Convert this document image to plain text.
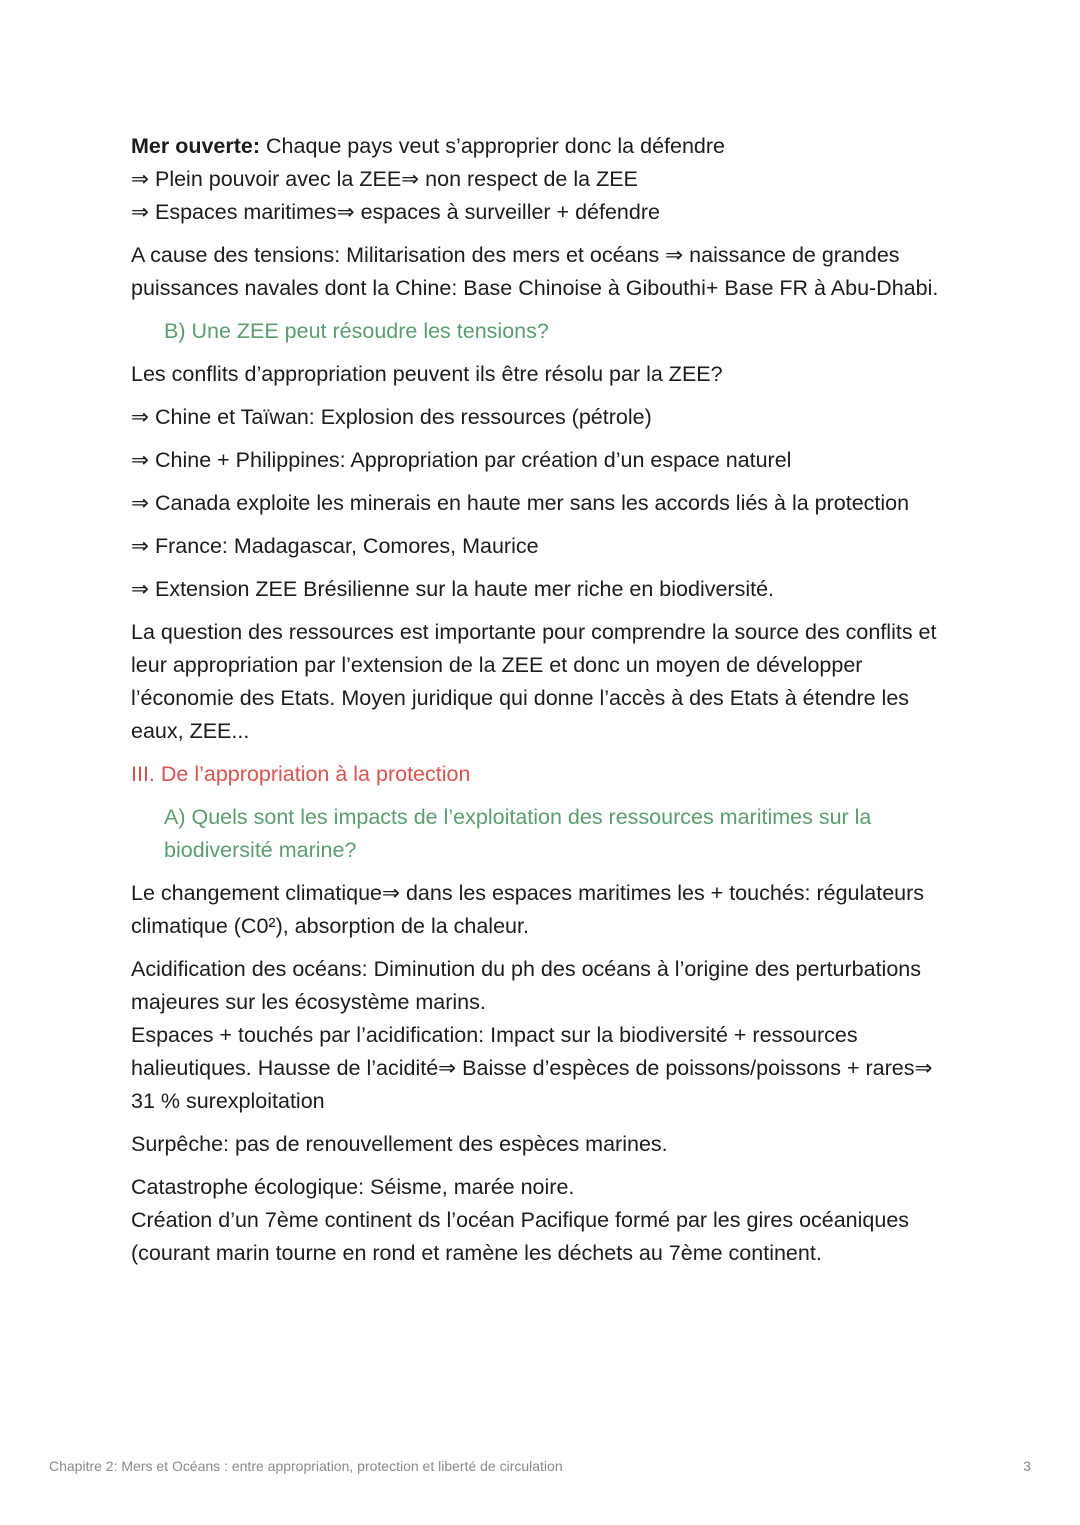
Mer ouverte: Chaque pays veut s’approprier donc la défendre
⇒ Plein pouvoir avec la ZEE⇒ non respect de la ZEE
⇒ Espaces maritimes⇒ espaces à surveiller + défendre
A cause des tensions: Militarisation des mers et océans ⇒ naissance de grandes puissances navales dont la Chine: Base Chinoise à Gibouthi+ Base FR à Abu-Dhabi.
B) Une ZEE peut résoudre les tensions?
Les conflits d’appropriation peuvent ils être résolu par la ZEE?
⇒ Chine et Taïwan: Explosion des ressources (pétrole)
⇒ Chine + Philippines: Appropriation par création d’un espace naturel
⇒ Canada exploite les minerais en haute mer sans les accords liés à la protection
⇒ France: Madagascar, Comores, Maurice
⇒ Extension ZEE Brésilienne sur la haute mer riche en biodiversité.
La question des ressources est importante pour comprendre la source des conflits et leur appropriation par l’extension de la ZEE et donc un moyen de développer l’économie des Etats. Moyen juridique qui donne l’accès à des Etats à étendre les eaux, ZEE...
III. De l’appropriation à la protection
A) Quels sont les impacts de l’exploitation des ressources maritimes sur la biodiversité marine?
Le changement climatique⇒ dans les espaces maritimes les + touchés: régulateurs climatique (C0²), absorption de la chaleur.
Acidification des océans: Diminution du ph des océans à l’origine des perturbations majeures sur les écosystème marins.
Espaces + touchés par l’acidification: Impact sur la biodiversité + ressources halieutiques. Hausse de l’acidité⇒ Baisse d’espèces de poissons/poissons + rares⇒ 31 % surexploitation
Surpêche: pas de renouvellement des espèces marines.
Catastrophe écologique: Séisme, marée noire.
Création d’un 7ème continent ds l’océan Pacifique formé par les gires océaniques (courant marin tourne en rond et ramène les déchets au 7ème continent.
Chapitre 2: Mers et Océans : entre appropriation, protection et liberté de circulation	3
